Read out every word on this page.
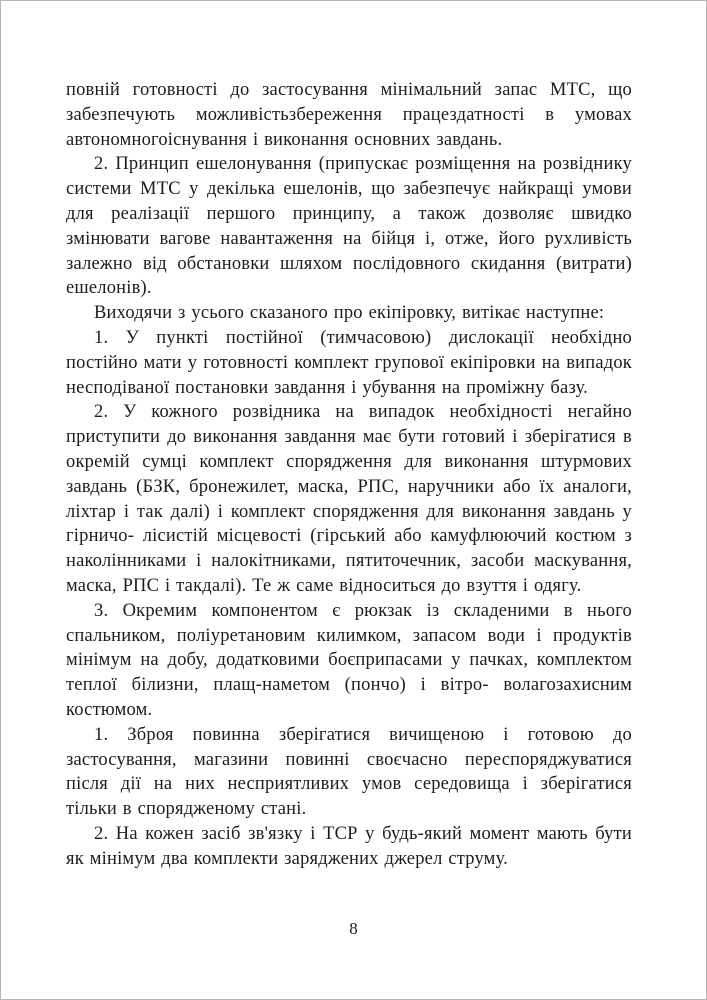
повній готовності до застосування мінімальний запас МТС, що забезпечують можливістьзбереження працездатності в умовах автономногоіснування і виконання основних завдань.

2. Принцип ешелонування (припускає розміщення на розвіднику системи МТС у декілька ешелонів, що забезпечує найкращі умови для реалізації першого принципу, а також дозволяє швидко змінювати вагове навантаження на бійця і, отже, його рухливість залежно від обстановки шляхом послідовного скидання (витрати) ешелонів).

Виходячи з усього сказаного про екіпіровку, витікає наступне:

1. У пункті постійної (тимчасовою) дислокації необхідно постійно мати у готовності комплект групової екіпіровки на випадок несподіваної постановки завдання і убування на проміжну базу.

2. У кожного розвідника на випадок необхідності негайно приступити до виконання завдання має бути готовий і зберігатися в окремій сумці комплект спорядження для виконання штурмових завдань (БЗК, бронежилет, маска, РПС, наручники або їх аналоги, ліхтар і так далі) і комплект спорядження для виконання завдань у гірничо- лісистій місцевості (гірський або камуфлюючий костюм з наколінниками і налокітниками, пятиточечник, засоби маскування, маска, РПС і такдалі). Те ж саме відноситься до взуття і одягу.

3. Окремим компонентом є рюкзак із складеними в нього спальником, поліуретановим килимком, запасом води і продуктів мінімум на добу, додатковими боєприпасами у пачках, комплектом теплої білизни, плащ-наметом (пончо) і вітро- волагозахисним костюмом.

1. Зброя повинна зберігатися вичищеною і готовою до застосування, магазини повинні своєчасно переспоряджуватися після дії на них несприятливих умов середовища і зберігатися тільки в спорядженому стані.

2. На кожен засіб зв'язку і ТСР у будь-який момент мають бути як мінімум два комплекти заряджених джерел струму.

8
